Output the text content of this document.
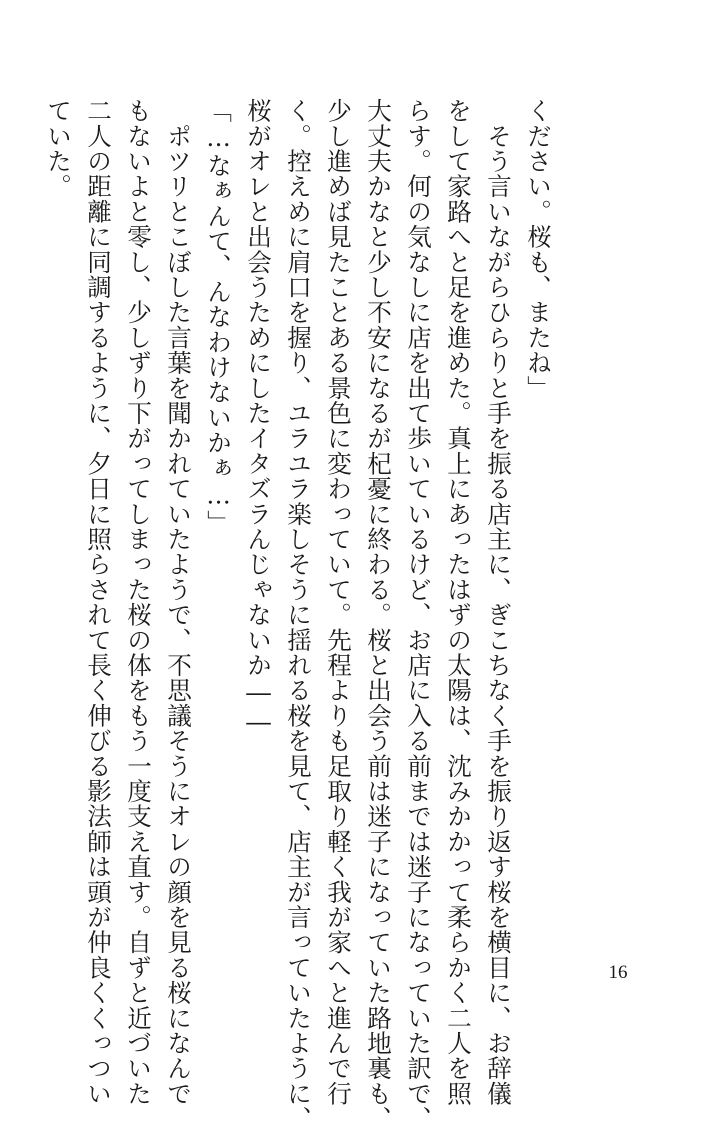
ください。桜も、またね」
　そう言いながらひらりと手を振る店主に、ぎこちなく手を振り返す桜を横目に、お辞儀
をして家路へと足を進めた。真上にあったはずの太陽は、沈みかかって柔らかく二人を照
らす。何の気なしに店を出て歩いているけど、お店に入る前までは迷子になっていた訳で、
大丈夫かなと少し不安になるが杞憂に終わる。桜と出会う前は迷子になっていた路地裏も、
少し進めば見たことある景色に変わっていて。先程よりも足取り軽く我が家へと進んで行
く。控えめに肩口を握り、ユラユラ楽しそうに揺れる桜を見て、店主が言っていたように、
桜がオレと出会うためにしたイタズラんじゃないか――
「…なぁんて、んなわけないかぁ…」
　ポツリとこぼした言葉を聞かれていたようで、不思議そうにオレの顔を見る桜になんで
もないよと零し、少しずり下がってしまった桜の体をもう一度支え直す。自ずと近づいた
二人の距離に同調するように、夕日に照らされて長く伸びる影法師は頭が仲良くくっつい
ていた。
16
